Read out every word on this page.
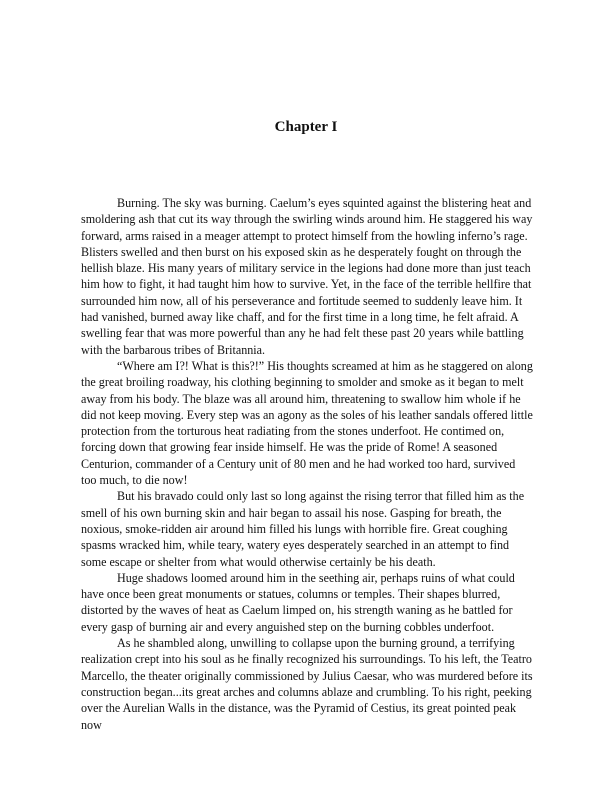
Chapter I

Burning. The sky was burning. Caelum’s eyes squinted against the blistering heat and smoldering ash that cut its way through the swirling winds around him. He staggered his way forward, arms raised in a meager attempt to protect himself from the howling inferno’s rage. Blisters swelled and then burst on his exposed skin as he desperately fought on through the hellish blaze. His many years of military service in the legions had done more than just teach him how to fight, it had taught him how to survive. Yet, in the face of the terrible hellfire that surrounded him now, all of his perseverance and fortitude seemed to suddenly leave him. It had vanished, burned away like chaff, and for the first time in a long time, he felt afraid. A swelling fear that was more powerful than any he had felt these past 20 years while battling with the barbarous tribes of Britannia.

“Where am I?! What is this?!” His thoughts screamed at him as he staggered on along the great broiling roadway, his clothing beginning to smolder and smoke as it began to melt away from his body. The blaze was all around him, threatening to swallow him whole if he did not keep moving. Every step was an agony as the soles of his leather sandals offered little protection from the torturous heat radiating from the stones underfoot. He contimed on, forcing down that growing fear inside himself. He was the pride of Rome! A seasoned Centurion, commander of a Century unit of 80 men and he had worked too hard, survived too much, to die now!

But his bravado could only last so long against the rising terror that filled him as the smell of his own burning skin and hair began to assail his nose. Gasping for breath, the noxious, smoke-ridden air around him filled his lungs with horrible fire. Great coughing spasms wracked him, while teary, watery eyes desperately searched in an attempt to find some escape or shelter from what would otherwise certainly be his death.

Huge shadows loomed around him in the seething air, perhaps ruins of what could have once been great monuments or statues, columns or temples. Their shapes blurred, distorted by the waves of heat as Caelum limped on, his strength waning as he battled for every gasp of burning air and every anguished step on the burning cobbles underfoot.

As he shambled along, unwilling to collapse upon the burning ground, a terrifying realization crept into his soul as he finally recognized his surroundings. To his left, the Teatro Marcello, the theater originally commissioned by Julius Caesar, who was murdered before its construction began...its great arches and columns ablaze and crumbling. To his right, peeking over the Aurelian Walls in the distance, was the Pyramid of Cestius, its great pointed peak now
